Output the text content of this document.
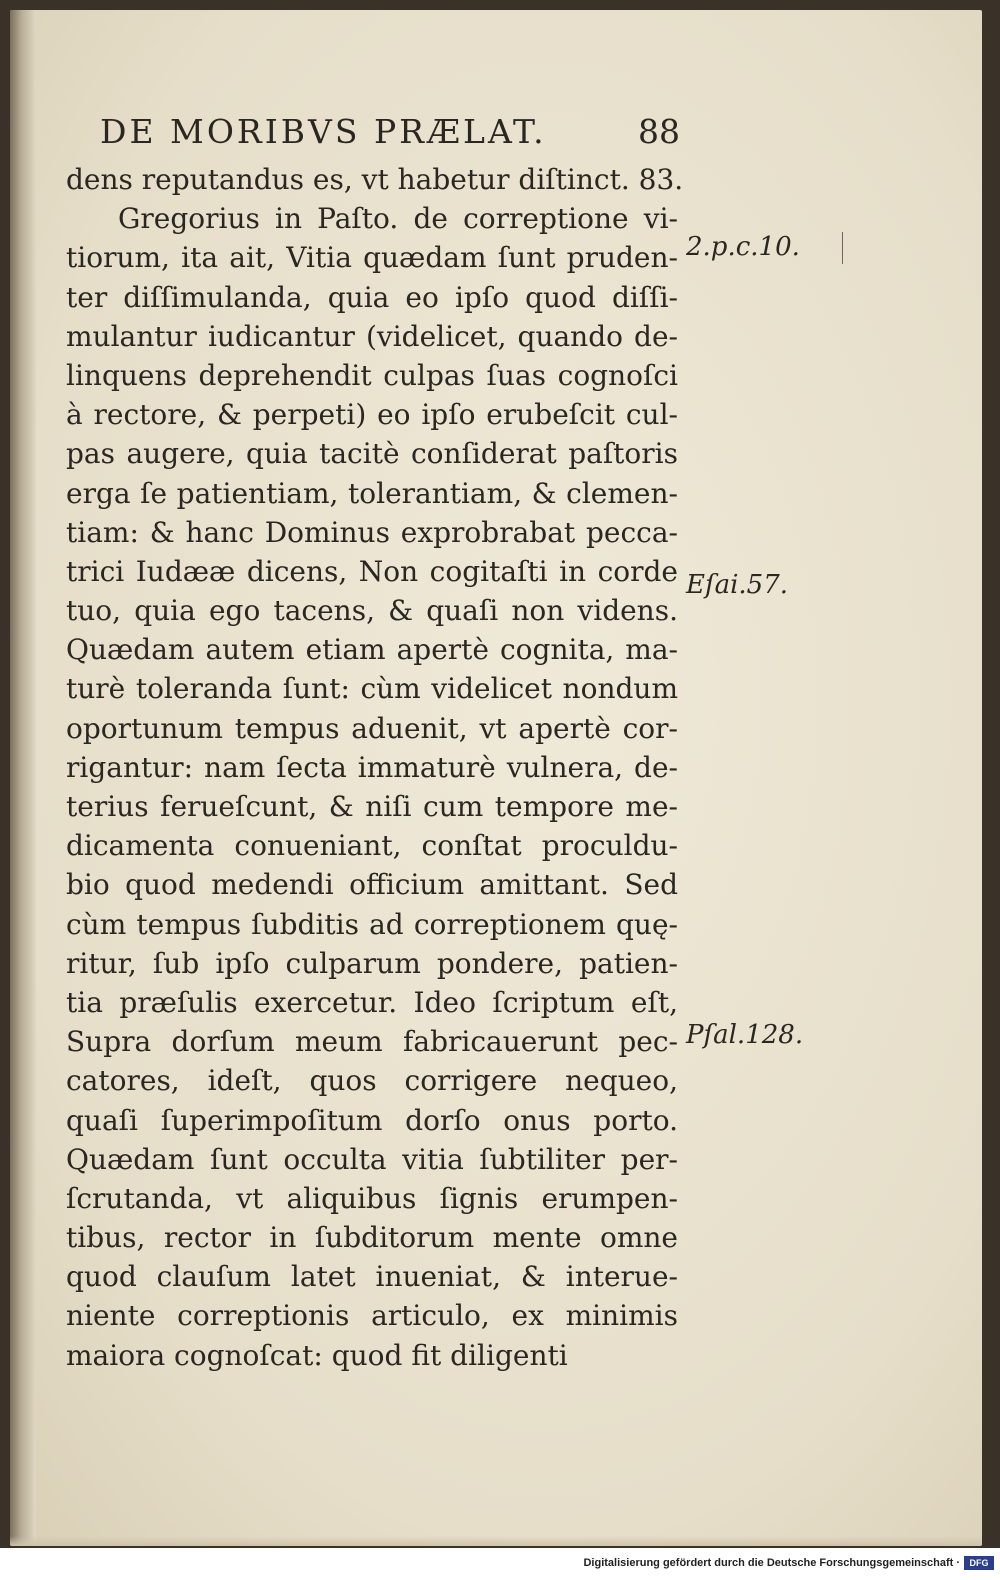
DE MORIBVS PRÆLAT.	88
dens reputandus es, vt habetur diſtinct. 83.
Gregorius in Paſto. de correptione vi-
tiorum, ita ait, Vitia quædam ſunt pruden-
ter diſſimulanda, quia eo ipſo quod diſſi-
mulantur iudicantur (videlicet, quando de-
linquens deprehendit culpas ſuas cognoſci
à rectore, & perpeti) eo ipſo erubeſcit cul-
pas augere, quia tacitè conſiderat paſtoris
erga ſe patientiam, tolerantiam, & clemen-
tiam: & hanc Dominus exprobrabat pecca-
trici Iudææ dicens, Non cogitaſti in corde
tuo, quia ego tacens, & quaſi non videns.
Quædam autem etiam apertè cognita, ma-
turè toleranda ſunt: cùm videlicet nondum
oportunum tempus aduenit, vt apertè cor-
rigantur: nam ſecta immaturè vulnera, de-
terius ferueſcunt, & niſi cum tempore me-
dicamenta conueniant, conſtat proculdu-
bio quod medendi officium amittant. Sed
cùm tempus ſubditis ad correptionem quę-
ritur, ſub ipſo culparum pondere, patien-
tia præſulis exercetur. Ideo ſcriptum eſt,
Supra dorſum meum fabricauerunt pec-
catores, ideſt, quos corrigere nequeo,
quaſi ſuperimpoſitum dorſo onus porto.
Quædam ſunt occulta vitia ſubtiliter per-
ſcrutanda, vt aliquibus ſignis erumpen-
tibus, rector in ſubditorum mente omne
quod clauſum latet inueniat, & interue-
niente correptionis articulo, ex minimis
maiora cognoſcat: quod fit diligenti
2.p.c.10.
Eſai.57.
Pſal.128.
Digitalisierung gefördert durch die Deutsche Forschungsgemeinschaft ·	DFG
